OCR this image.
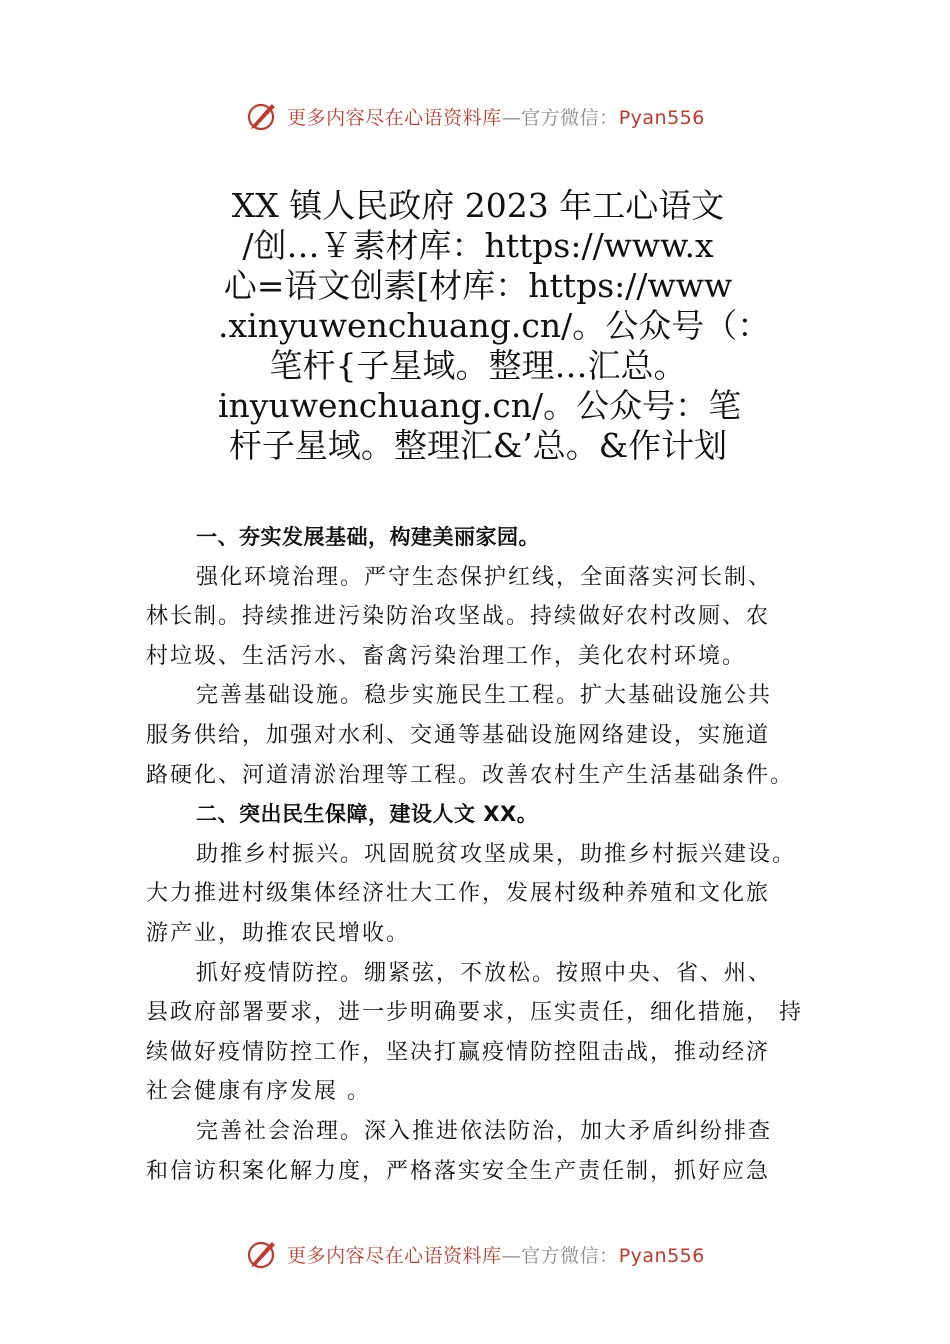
更多内容尽在心语资料库—官方微信：Pyan556
XX 镇人民政府 2023 年工心语文
/创…￥素材库：https://www.x
心=语文创素[材库：https://www
.xinyuwenchuang.cn/。公众号（：
笔杆{子星域。整理…汇总。
inyuwenchuang.cn/。公众号：笔
杆子星域。整理汇&’总。&作计划
一、夯实发展基础，构建美丽家园。
强化环境治理。严守生态保护红线，全面落实河长制、
林长制。持续推进污染防治攻坚战。持续做好农村改厕、农
村垃圾、生活污水、畜禽污染治理工作，美化农村环境。
完善基础设施。稳步实施民生工程。扩大基础设施公共
服务供给，加强对水利、交通等基础设施网络建设，实施道
路硬化、河道清淤治理等工程。改善农村生产生活基础条件。
二、突出民生保障，建设人文 XX。
助推乡村振兴。巩固脱贫攻坚成果，助推乡村振兴建设。
大力推进村级集体经济壮大工作，发展村级种养殖和文化旅
游产业，助推农民增收。
抓好疫情防控。绷紧弦，不放松。按照中央、省、州、
县政府部署要求，进一步明确要求，压实责任，细化措施， 持
续做好疫情防控工作，坚决打赢疫情防控阻击战，推动经济
社会健康有序发展 。
完善社会治理。深入推进依法防治，加大矛盾纠纷排查
和信访积案化解力度，严格落实安全生产责任制，抓好应急
更多内容尽在心语资料库—官方微信：Pyan556
